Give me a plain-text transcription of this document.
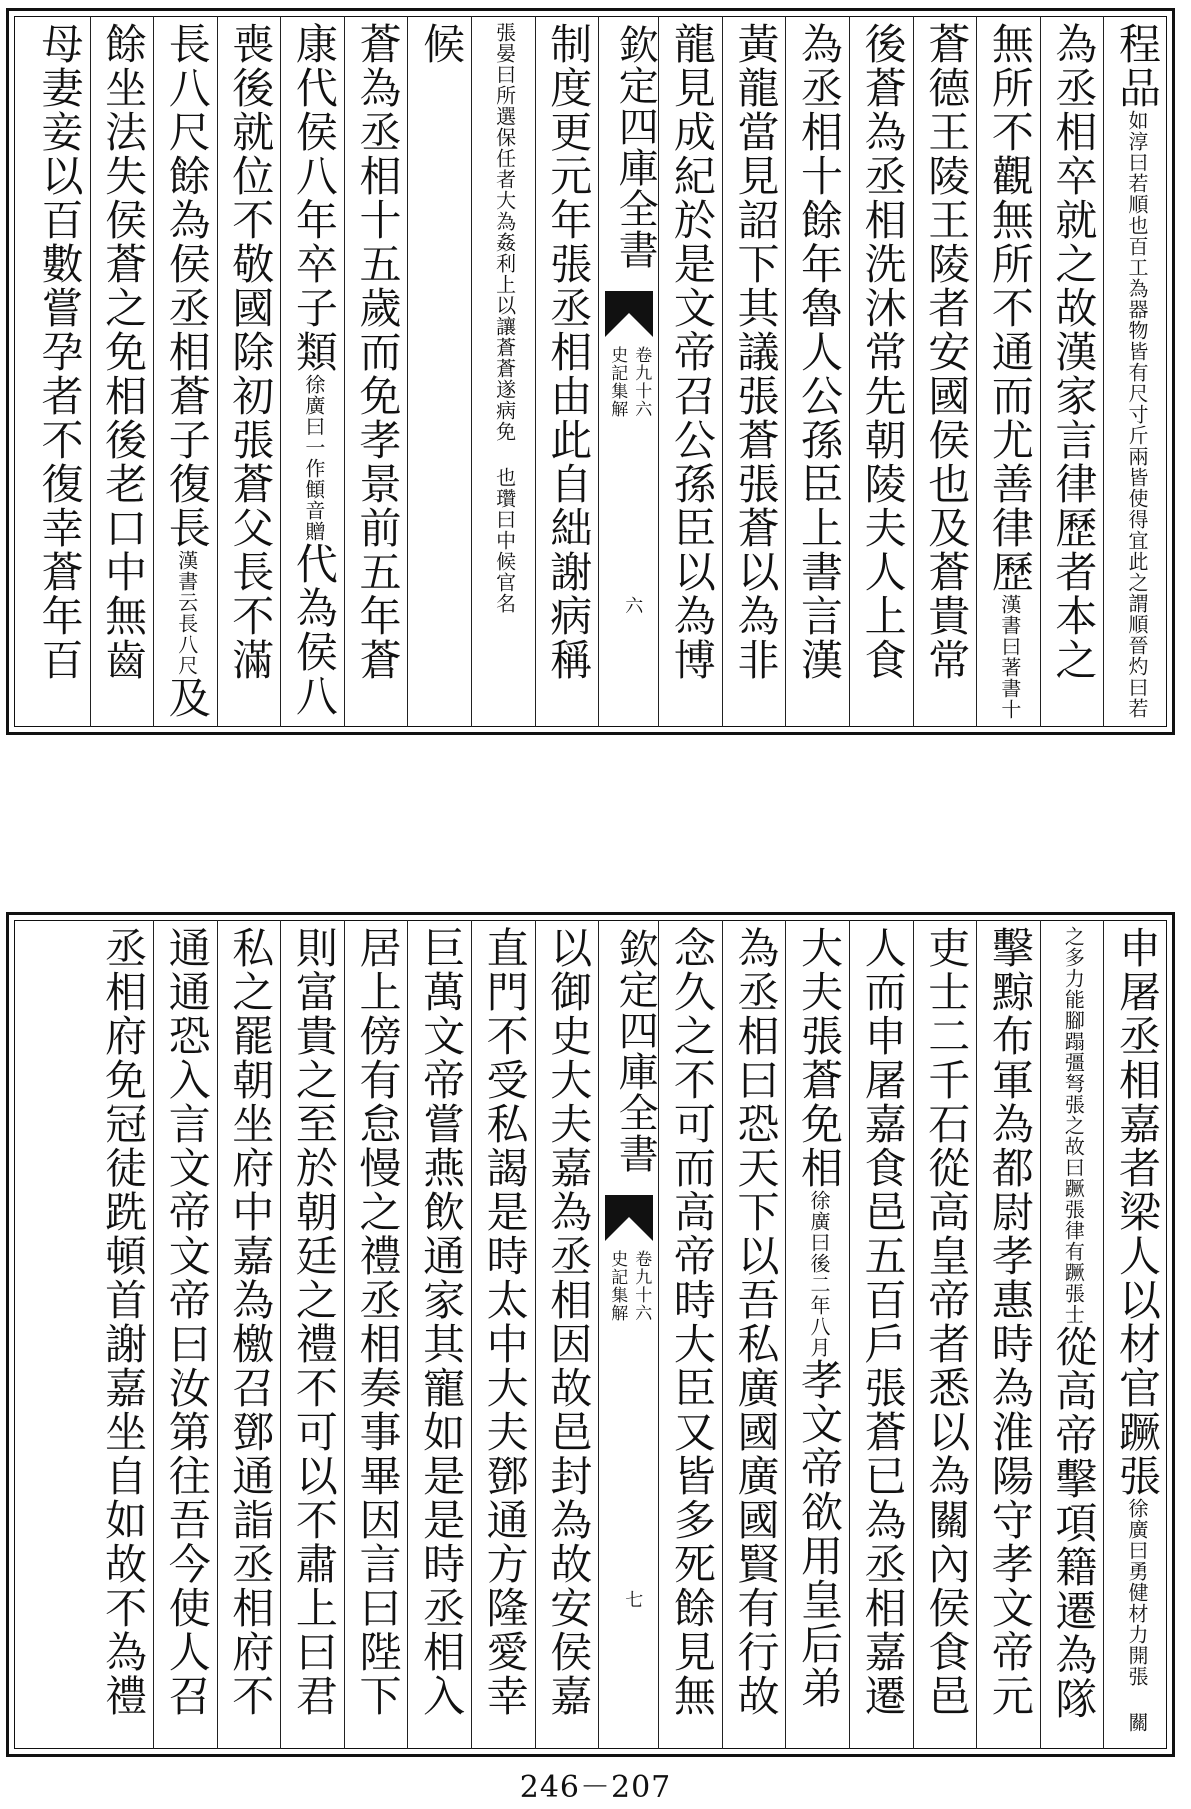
程品如淳曰若順也百工為器物皆有尺寸斤兩皆使得宜此之謂順晉灼曰若
為丞相卒就之故漢家言律歷者本之
無所不觀無所不通而尤善律歷漢書曰著書十
蒼德王陵王陵者安國侯也及蒼貴常
後蒼為丞相洗沐常先朝陵夫人上食
為丞相十餘年魯人公孫臣上書言漢
黃龍當見詔下其議張蒼張蒼以為非
龍見成紀於是文帝召公孫臣以為博
欽定四庫全書
史記集解 卷九十六
六
制度更元年張丞相由此自絀謝病稱
張晏曰所選保任者大為姦利上以讓蒼蒼遂病免 也瓚曰中候官名
候
蒼為丞相十五歲而免孝景前五年蒼
康代侯八年卒子類徐廣曰一作顀音贈代為侯八
喪後就位不敬國除初張蒼父長不滿
長八尺餘為侯丞相蒼子復長漢書云長八尺及
餘坐法失侯蒼之免相後老口中無齒
母妻妾以百數嘗孕者不復幸蒼年百
申屠丞相嘉者梁人以材官蹶張徐廣曰勇健材力開張 關
之多力能腳蹋彊弩張之故曰蹶張律有蹶張士從高帝擊項籍遷為隊
擊黥布軍為都尉孝惠時為淮陽守孝文帝元
吏士二千石從高皇帝者悉以為關內侯食邑
人而申屠嘉食邑五百戶張蒼已為丞相嘉遷
大夫張蒼免相徐廣曰後二年八月孝文帝欲用皇后弟
為丞相曰恐天下以吾私廣國廣國賢有行故
念久之不可而高帝時大臣又皆多死餘見無
欽定四庫全書
史記集解 卷九十六
七
以御史大夫嘉為丞相因故邑封為故安侯嘉
直門不受私謁是時太中大夫鄧通方隆愛幸
巨萬文帝嘗燕飲通家其寵如是是時丞相入
居上傍有怠慢之禮丞相奏事畢因言曰陛下
則富貴之至於朝廷之禮不可以不肅上曰君
私之罷朝坐府中嘉為檄召鄧通詣丞相府不
通通恐入言文帝文帝曰汝第往吾今使人召
丞相府免冠徒跣頓首謝嘉坐自如故不為禮
246－207
